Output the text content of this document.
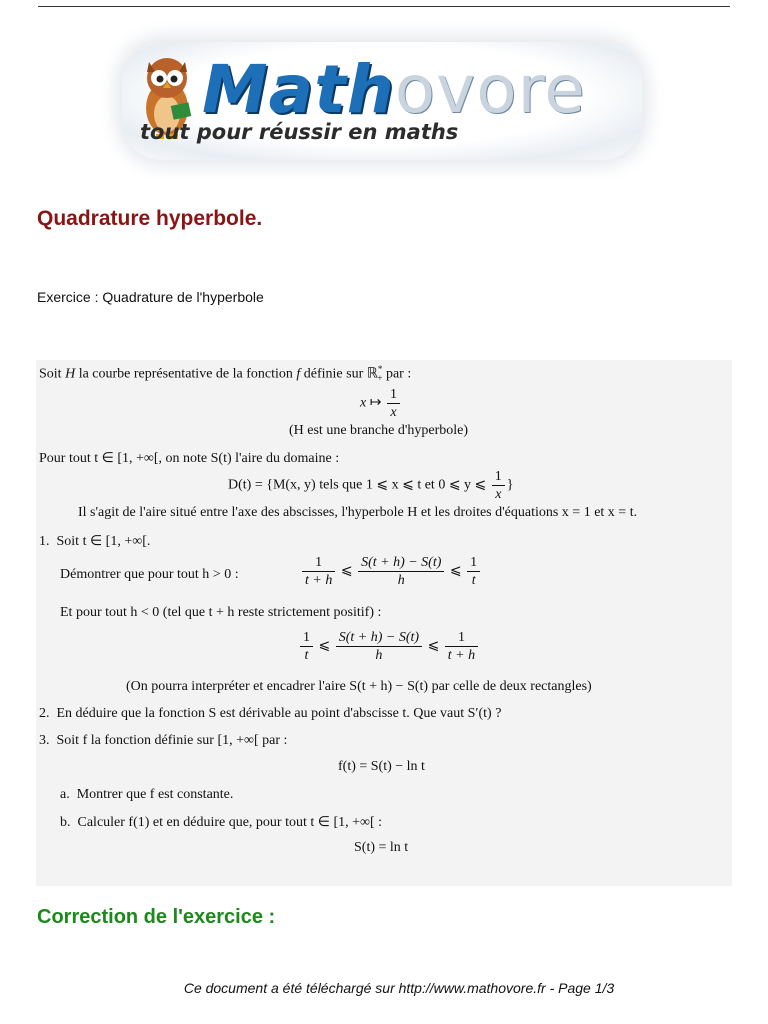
Mathovore
tout pour réussir en maths
Quadrature hyperbole.
Exercice : Quadrature de l'hyperbole
Soit H la courbe représentative de la fonction f définie sur ℝ*$_+$ par :
x ↦ $\frac{1}{x}$
(H est une branche d'hyperbole)
Pour tout t ∈ [1, +∞[, on note S(t) l'aire du domaine :
D(t) = {M(x, y) tels que 1 ⩽ x ⩽ t et 0 ⩽ y ⩽ $\frac{1}{x}$ }
Il s'agit de l'aire situé entre l'axe des abscisses, l'hyperbole H et les droites d'équations x = 1 et x = t.
1. Soit t ∈ [1, +∞[.
Démontrer que pour tout h > 0 :	$\frac{1}{t + h}$ ⩽ $\frac{S(t + h) - S(t)}{h}$ ⩽ $\frac{1}{t}$
Et pour tout h < 0 (tel que t + h reste strictement positif) :
$\frac{1}{t}$ ⩽ $\frac{S(t + h) - S(t)}{h}$ ⩽ $\frac{1}{t + h}$
(On pourra interpréter et encadrer l'aire S(t + h) − S(t) par celle de deux rectangles)
2. En déduire que la fonction S est dérivable au point d'abscisse t. Que vaut S′(t) ?
3. Soit f la fonction définie sur [1, +∞[ par :
f(t) = S(t) − ln t
a. Montrer que f est constante.
b. Calculer f(1) et en déduire que, pour tout t ∈ [1, +∞[ :
S(t) = ln t
Correction de l'exercice :
Ce document a été téléchargé sur http://www.mathovore.fr - Page 1/3
